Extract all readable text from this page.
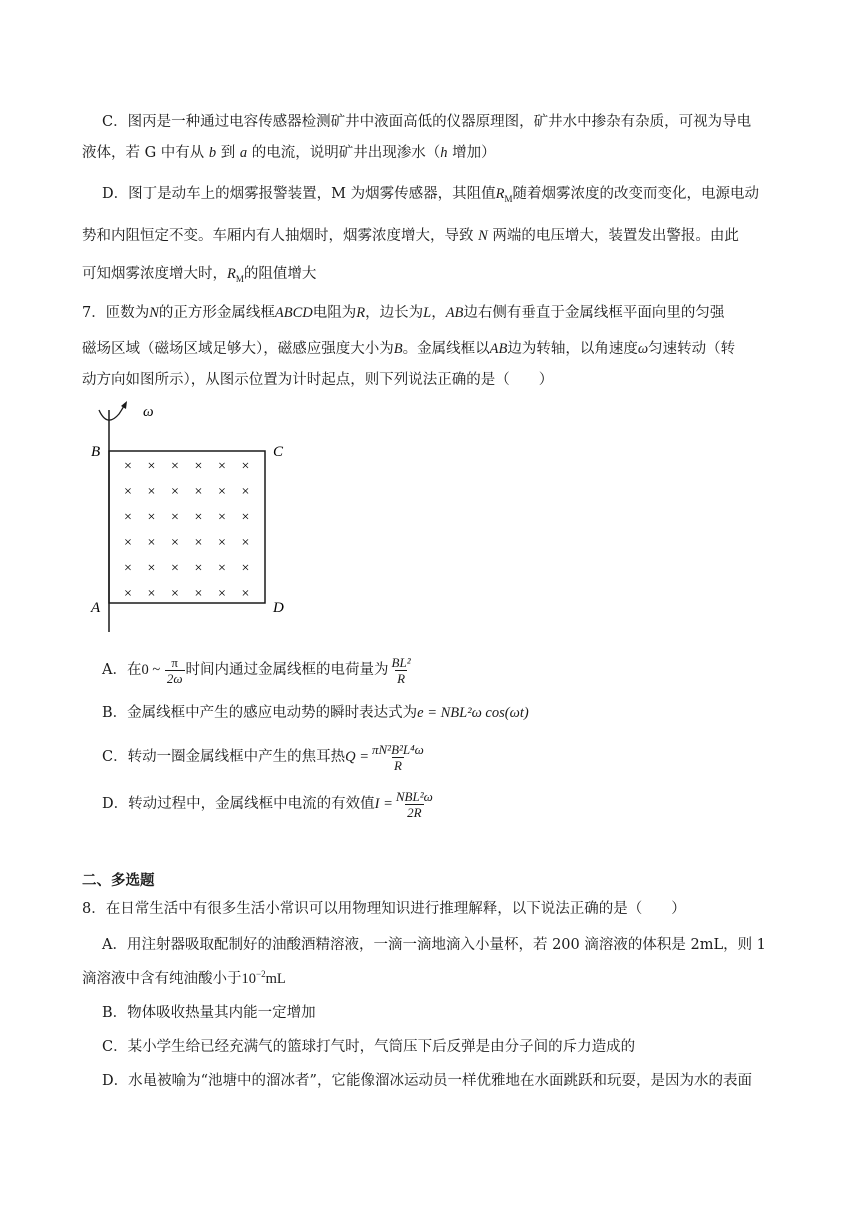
C．图丙是一种通过电容传感器检测矿井中液面高低的仪器原理图，矿井水中掺杂有杂质，可视为导电
液体，若 G 中有从 b 到 a 的电流，说明矿井出现渗水（h 增加）
D．图丁是动车上的烟雾报警装置，M 为烟雾传感器，其阻值$R_M$随着烟雾浓度的改变而变化，电源电动
势和内阻恒定不变。车厢内有人抽烟时，烟雾浓度增大，导致 N 两端的电压增大，装置发出警报。由此
可知烟雾浓度增大时，$R_M$的阻值增大
7．匝数为N的正方形金属线框ABCD电阻为R，边长为L，AB边右侧有垂直于金属线框平面向里的匀强
磁场区域（磁场区域足够大），磁感应强度大小为B。金属线框以AB边为转轴，以角速度ω匀速转动（转
动方向如图所示），从图示位置为计时起点，则下列说法正确的是（　　）
ω
B	C
A	D
× × × × × ×
× × × × × ×
× × × × × ×
× × × × × ×
× × × × × ×
× × × × × ×
A．在0 ~ $\frac{\pi}{2\omega}$ 时间内通过金属线框的电荷量为 $\frac{\text{BL²}}{R}$
B．金属线框中产生的感应电动势的瞬时表达式为e = NBL²ω cos(ωt)
C．转动一圈金属线框中产生的焦耳热$Q = \frac{\text{πN²B²L⁴ω}}{R}$
D．转动过程中，金属线框中电流的有效值$I = \frac{\text{NBL²ω}}{2R}$
二、多选题
8．在日常生活中有很多生活小常识可以用物理知识进行推理解释，以下说法正确的是（　　）
A．用注射器吸取配制好的油酸酒精溶液，一滴一滴地滴入小量杯，若 200 滴溶液的体积是 2mL，则 1
滴溶液中含有纯油酸小于$10^{-2}mL$
B．物体吸收热量其内能一定增加
C．某小学生给已经充满气的篮球打气时，气筒压下后反弹是由分子间的斥力造成的
D．水黾被喻为“池塘中的溜冰者”，它能像溜冰运动员一样优雅地在水面跳跃和玩耍，是因为水的表面
